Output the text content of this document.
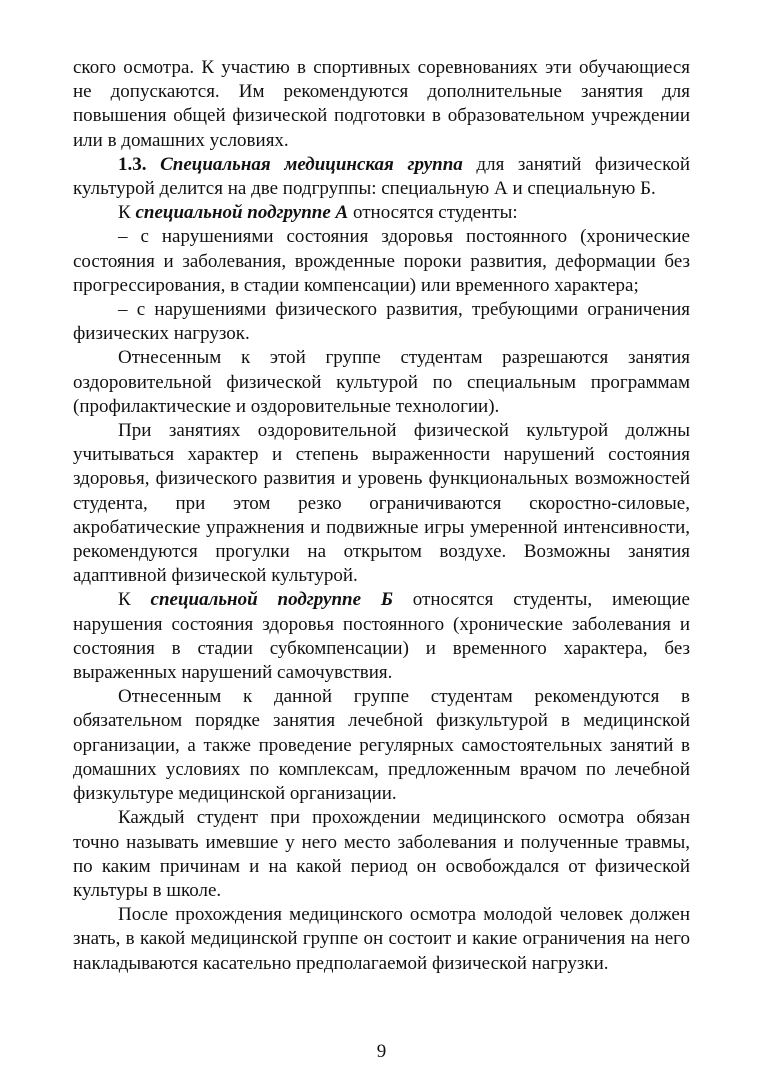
ского осмотра. К участию в спортивных соревнованиях эти обучающиеся не допускаются. Им рекомендуются дополнительные занятия для повышения общей физической подготовки в образовательном учреждении или в домашних условиях.

1.3. Специальная медицинская группа для занятий физической культурой делится на две подгруппы: специальную А и специальную Б.

К специальной подгруппе А относятся студенты:

– с нарушениями состояния здоровья постоянного (хронические состояния и заболевания, врожденные пороки развития, деформации без прогрессирования, в стадии компенсации) или временного характера;

– с нарушениями физического развития, требующими ограничения физических нагрузок.

Отнесенным к этой группе студентам разрешаются занятия оздоровительной физической культурой по специальным программам (профилактические и оздоровительные технологии).

При занятиях оздоровительной физической культурой должны учитываться характер и степень выраженности нарушений состояния здоровья, физического развития и уровень функциональных возможностей студента, при этом резко ограничиваются скоростно-силовые, акробатические упражнения и подвижные игры умеренной интенсивности, рекомендуются прогулки на открытом воздухе. Возможны занятия адаптивной физической культурой.

К специальной подгруппе Б относятся студенты, имеющие нарушения состояния здоровья постоянного (хронические заболевания и состояния в стадии субкомпенсации) и временного характера, без выраженных нарушений самочувствия.

Отнесенным к данной группе студентам рекомендуются в обязательном порядке занятия лечебной физкультурой в медицинской организации, а также проведение регулярных самостоятельных занятий в домашних условиях по комплексам, предложенным врачом по лечебной физкультуре медицинской организации.

Каждый студент при прохождении медицинского осмотра обязан точно называть имевшие у него место заболевания и полученные травмы, по каким причинам и на какой период он освобождался от физической культуры в школе.

После прохождения медицинского осмотра молодой человек должен знать, в какой медицинской группе он состоит и какие ограничения на него накладываются касательно предполагаемой физической нагрузки.

9
